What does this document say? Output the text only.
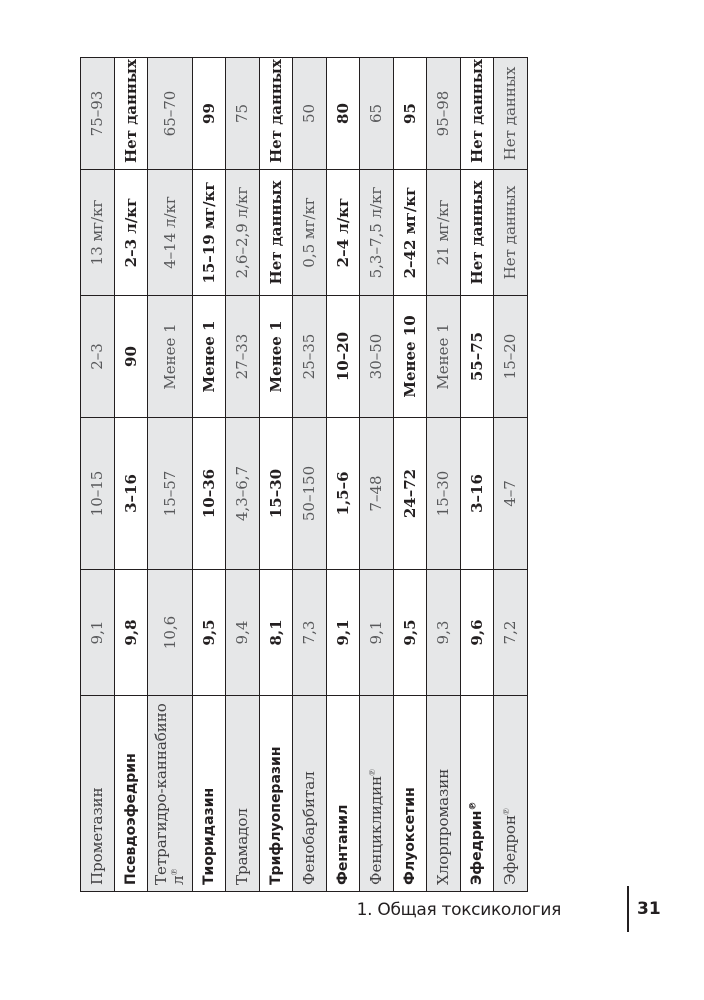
Прометазин	9,1	10–15	2–3	13 мг/кг	75–93
Псевдоэфедрин	9,8	3–16	90	2–3 л/кг	Нет данных
Тетрагидро-каннабинол℗	10,6	15–57	Менее 1	4–14 л/кг	65–70
Тиоридазин	9,5	10–36	Менее 1	15–19 мг/кг	99
Трамадол	9,4	4,3–6,7	27–33	2,6–2,9 л/кг	75
Трифлуоперазин	8,1	15–30	Менее 1	Нет данных	Нет данных
Фенобарбитал	7,3	50–150	25–35	0,5 мг/кг	50
Фентанил	9,1	1,5–6	10–20	2–4 л/кг	80
Фенциклидин℗	9,1	7–48	30–50	5,3–7,5 л/кг	65
Флуоксетин	9,5	24–72	Менее 10	2–42 мг/кг	95
Хлорпромазин	9,3	15–30	Менее 1	21 мг/кг	95–98
Эфедрин℗	9,6	3–16	55–75	Нет данных	Нет данных
Эфедрон℗	7,2	4–7	15–20	Нет данных	Нет данных
1. Общая токсикология	31
